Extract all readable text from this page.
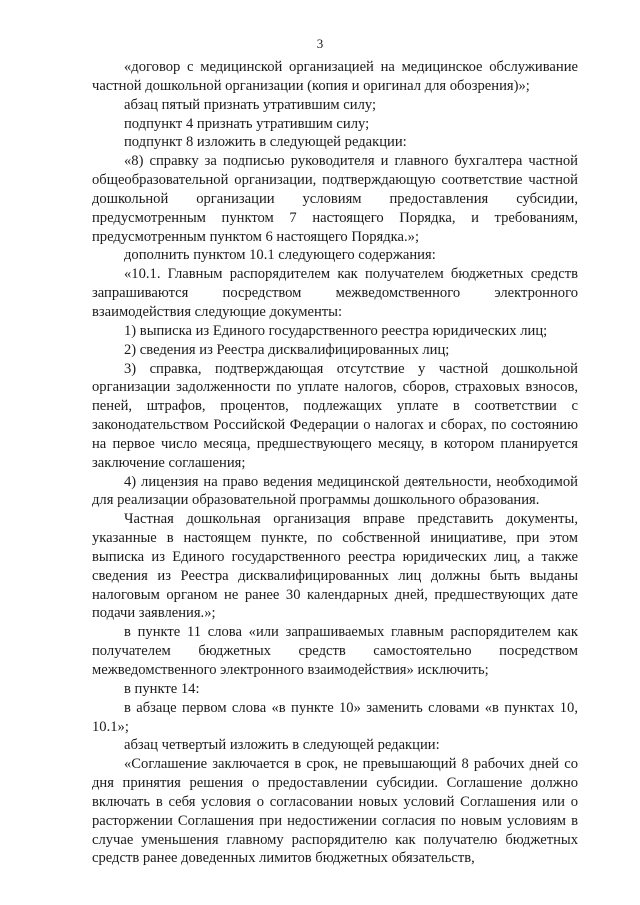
3

«договор с медицинской организацией на медицинское обслуживание частной дошкольной организации (копия и оригинал для обозрения)»;

абзац пятый признать утратившим силу;

подпункт 4 признать утратившим силу;

подпункт 8 изложить в следующей редакции:

«8) справку за подписью руководителя и главного бухгалтера частной общеобразовательной организации, подтверждающую соответствие частной дошкольной организации условиям предоставления субсидии, предусмотренным пунктом 7 настоящего Порядка, и требованиям, предусмотренным пунктом 6 настоящего Порядка.»;

дополнить пунктом 10.1 следующего содержания:

«10.1. Главным распорядителем как получателем бюджетных средств запрашиваются посредством межведомственного электронного взаимодействия следующие документы:

1) выписка из Единого государственного реестра юридических лиц;

2) сведения из Реестра дисквалифицированных лиц;

3) справка, подтверждающая отсутствие у частной дошкольной организации задолженности по уплате налогов, сборов, страховых взносов, пеней, штрафов, процентов, подлежащих уплате в соответствии с законодательством Российской Федерации о налогах и сборах, по состоянию на первое число месяца, предшествующего месяцу, в котором планируется заключение соглашения;

4) лицензия на право ведения медицинской деятельности, необходимой для реализации образовательной программы дошкольного образования.

Частная дошкольная организация вправе представить документы, указанные в настоящем пункте, по собственной инициативе, при этом выписка из Единого государственного реестра юридических лиц, а также сведения из Реестра дисквалифицированных лиц должны быть выданы налоговым органом не ранее 30 календарных дней, предшествующих дате подачи заявления.»;

в пункте 11 слова «или запрашиваемых главным распорядителем как получателем бюджетных средств самостоятельно посредством межведомственного электронного взаимодействия» исключить;

в пункте 14:

в абзаце первом слова «в пункте 10» заменить словами «в пунктах 10, 10.1»;

абзац четвертый изложить в следующей редакции:

«Соглашение заключается в срок, не превышающий 8 рабочих дней со дня принятия решения о предоставлении субсидии. Соглашение должно включать в себя условия о согласовании новых условий Соглашения или о расторжении Соглашения при недостижении согласия по новым условиям в случае уменьшения главному распорядителю как получателю бюджетных средств ранее доведенных лимитов бюджетных обязательств,
